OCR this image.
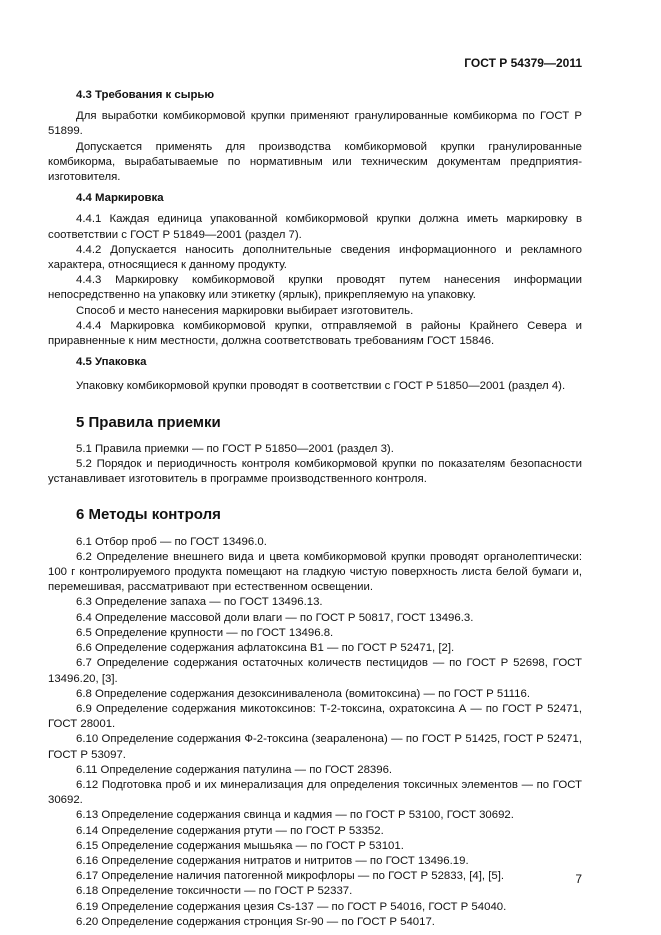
ГОСТ Р 54379—2011
4.3 Требования к сырью

Для выработки комбикормовой крупки применяют гранулированные комбикорма по ГОСТ Р 51899.

Допускается применять для производства комбикормовой крупки гранулированные комбикорма, вырабатываемые по нормативным или техническим документам предприятия-изготовителя.

4.4 Маркировка

4.4.1 Каждая единица упакованной комбикормовой крупки должна иметь маркировку в соответствии с ГОСТ Р 51849—2001 (раздел 7).

4.4.2 Допускается наносить дополнительные сведения информационного и рекламного характера, относящиеся к данному продукту.

4.4.3 Маркировку комбикормовой крупки проводят путем нанесения информации непосредственно на упаковку или этикетку (ярлык), прикрепляемую на упаковку.

Способ и место нанесения маркировки выбирает изготовитель.

4.4.4 Маркировка комбикормовой крупки, отправляемой в районы Крайнего Севера и приравненные к ним местности, должна соответствовать требованиям ГОСТ 15846.

4.5 Упаковка

Упаковку комбикормовой крупки проводят в соответствии с ГОСТ Р 51850—2001 (раздел 4).

5 Правила приемки

5.1 Правила приемки — по ГОСТ Р 51850—2001 (раздел 3).

5.2 Порядок и периодичность контроля комбикормовой крупки по показателям безопасности устанавливает изготовитель в программе производственного контроля.

6 Методы контроля

6.1 Отбор проб — по ГОСТ 13496.0.

6.2 Определение внешнего вида и цвета комбикормовой крупки проводят органолептически: 100 г контролируемого продукта помещают на гладкую чистую поверхность листа белой бумаги и, перемешивая, рассматривают при естественном освещении.

6.3 Определение запаха — по ГОСТ 13496.13.

6.4 Определение массовой доли влаги — по ГОСТ Р 50817, ГОСТ 13496.3.

6.5 Определение крупности — по ГОСТ 13496.8.

6.6 Определение содержания афлатоксина В1 — по ГОСТ Р 52471, [2].

6.7 Определение содержания остаточных количеств пестицидов — по ГОСТ Р 52698, ГОСТ 13496.20, [3].

6.8 Определение содержания дезоксиниваленола (вомитоксина) — по ГОСТ Р 51116.

6.9 Определение содержания микотоксинов: Т-2-токсина, охратоксина А — по ГОСТ Р 52471, ГОСТ 28001.

6.10 Определение содержания Ф-2-токсина (зеараленона) — по ГОСТ Р 51425, ГОСТ Р 52471, ГОСТ Р 53097.

6.11 Определение содержания патулина — по ГОСТ 28396.

6.12 Подготовка проб и их минерализация для определения токсичных элементов — по ГОСТ 30692.

6.13 Определение содержания свинца и кадмия — по ГОСТ Р 53100, ГОСТ 30692.

6.14 Определение содержания ртути — по ГОСТ Р 53352.

6.15 Определение содержания мышьяка — по ГОСТ Р 53101.

6.16 Определение содержания нитратов и нитритов — по ГОСТ 13496.19.

6.17 Определение наличия патогенной микрофлоры — по ГОСТ Р 52833, [4], [5].

6.18 Определение токсичности — по ГОСТ Р 52337.

6.19 Определение содержания цезия Cs-137 — по ГОСТ Р 54016, ГОСТ Р 54040.

6.20 Определение содержания стронция Sr-90 — по ГОСТ Р 54017.

7
